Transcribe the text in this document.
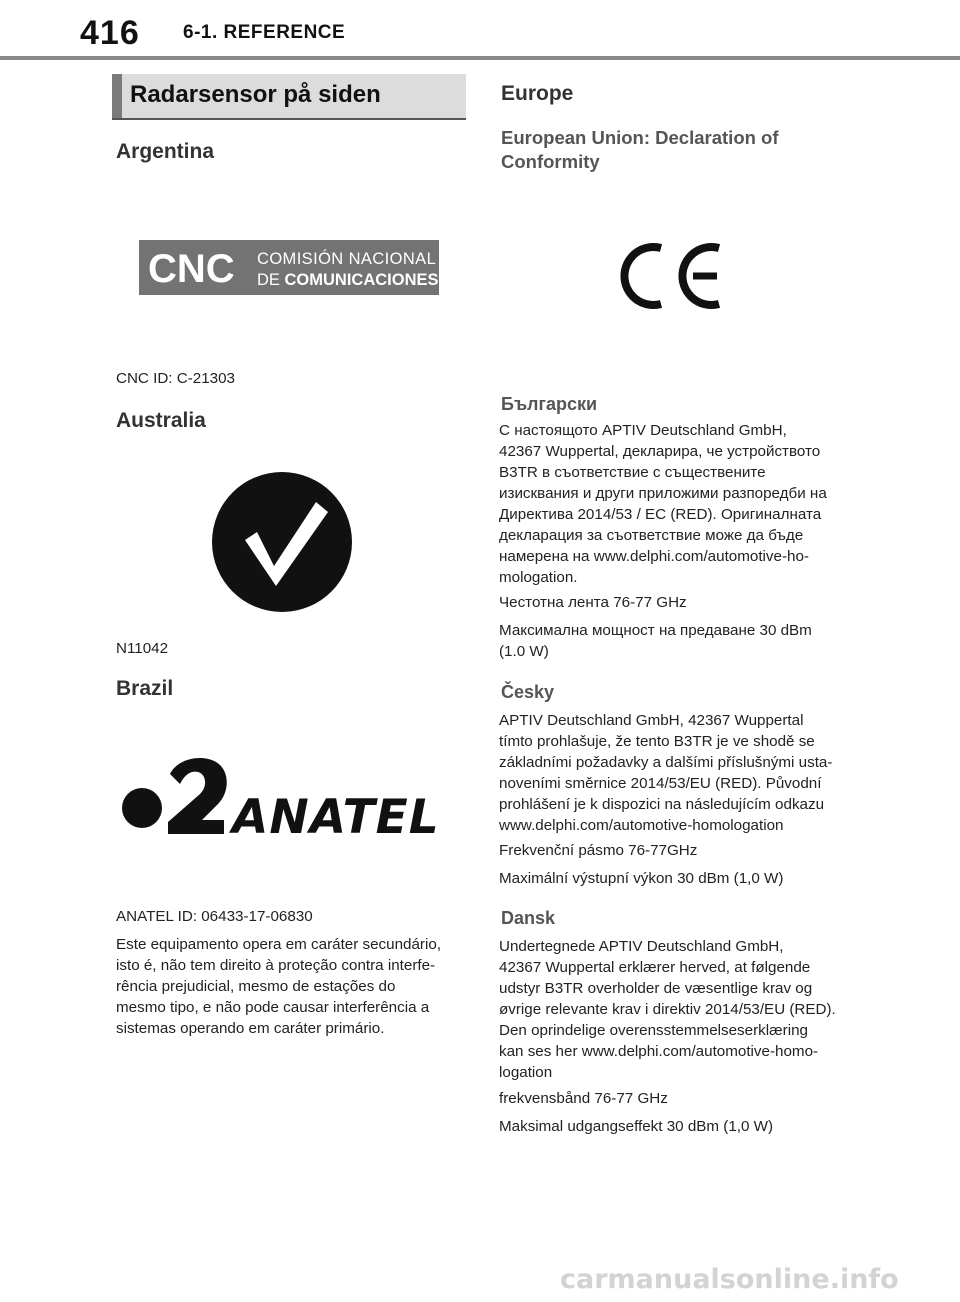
416 6-1. REFERENCE
Radarsensor på siden
Argentina
CNC COMISIÓN NACIONAL
DE COMUNICACIONES

CNC ID: C-21303

Australia

N11042

Brazil
ANATEL

ANATEL ID: 06433-17-06830

Este equipamento opera em caráter secundário,

isto é, não tem direito à proteção contra interfe-

rência prejudicial, mesmo de estações do

mesmo tipo, e não pode causar interferência a

sistemas operando em caráter primário.

Europe
European Union: Declaration of
Conformity
Български

С настоящото APTIV Deutschland GmbH,

42367 Wuppertal, декларира, че устройството

B3TR в съответствие с съществените

изисквания и други приложими разпоредби на

Директива 2014/53 / ЕС (RED). Оригиналната

декларация за съответствие може да бъде

намерена на www.delphi.com/automotive-ho-

mologation.

Честотна лента 76-77 GHz

Максимална мощност на предаване 30 dBm

(1.0 W)

Česky

APTIV Deutschland GmbH, 42367 Wuppertal

tímto prohlašuje, že tento B3TR je ve shodě se

základními požadavky a dalšími příslušnými usta-

noveními směrnice 2014/53/EU (RED). Původní

prohlášení je k dispozici na následujícím odkazu

www.delphi.com/automotive-homologation

Frekvenční pásmo 76-77GHz

Maximální výstupní výkon 30 dBm (1,0 W)

Dansk

Undertegnede APTIV Deutschland GmbH,

42367 Wuppertal erklærer herved, at følgende

udstyr B3TR overholder de væsentlige krav og

øvrige relevante krav i direktiv 2014/53/EU (RED).

Den oprindelige overensstemmelseserklæring

kan ses her www.delphi.com/automotive-homo-

logation

frekvensbånd 76-77 GHz

Maksimal udgangseffekt 30 dBm (1,0 W)

carmanualsonline.info
